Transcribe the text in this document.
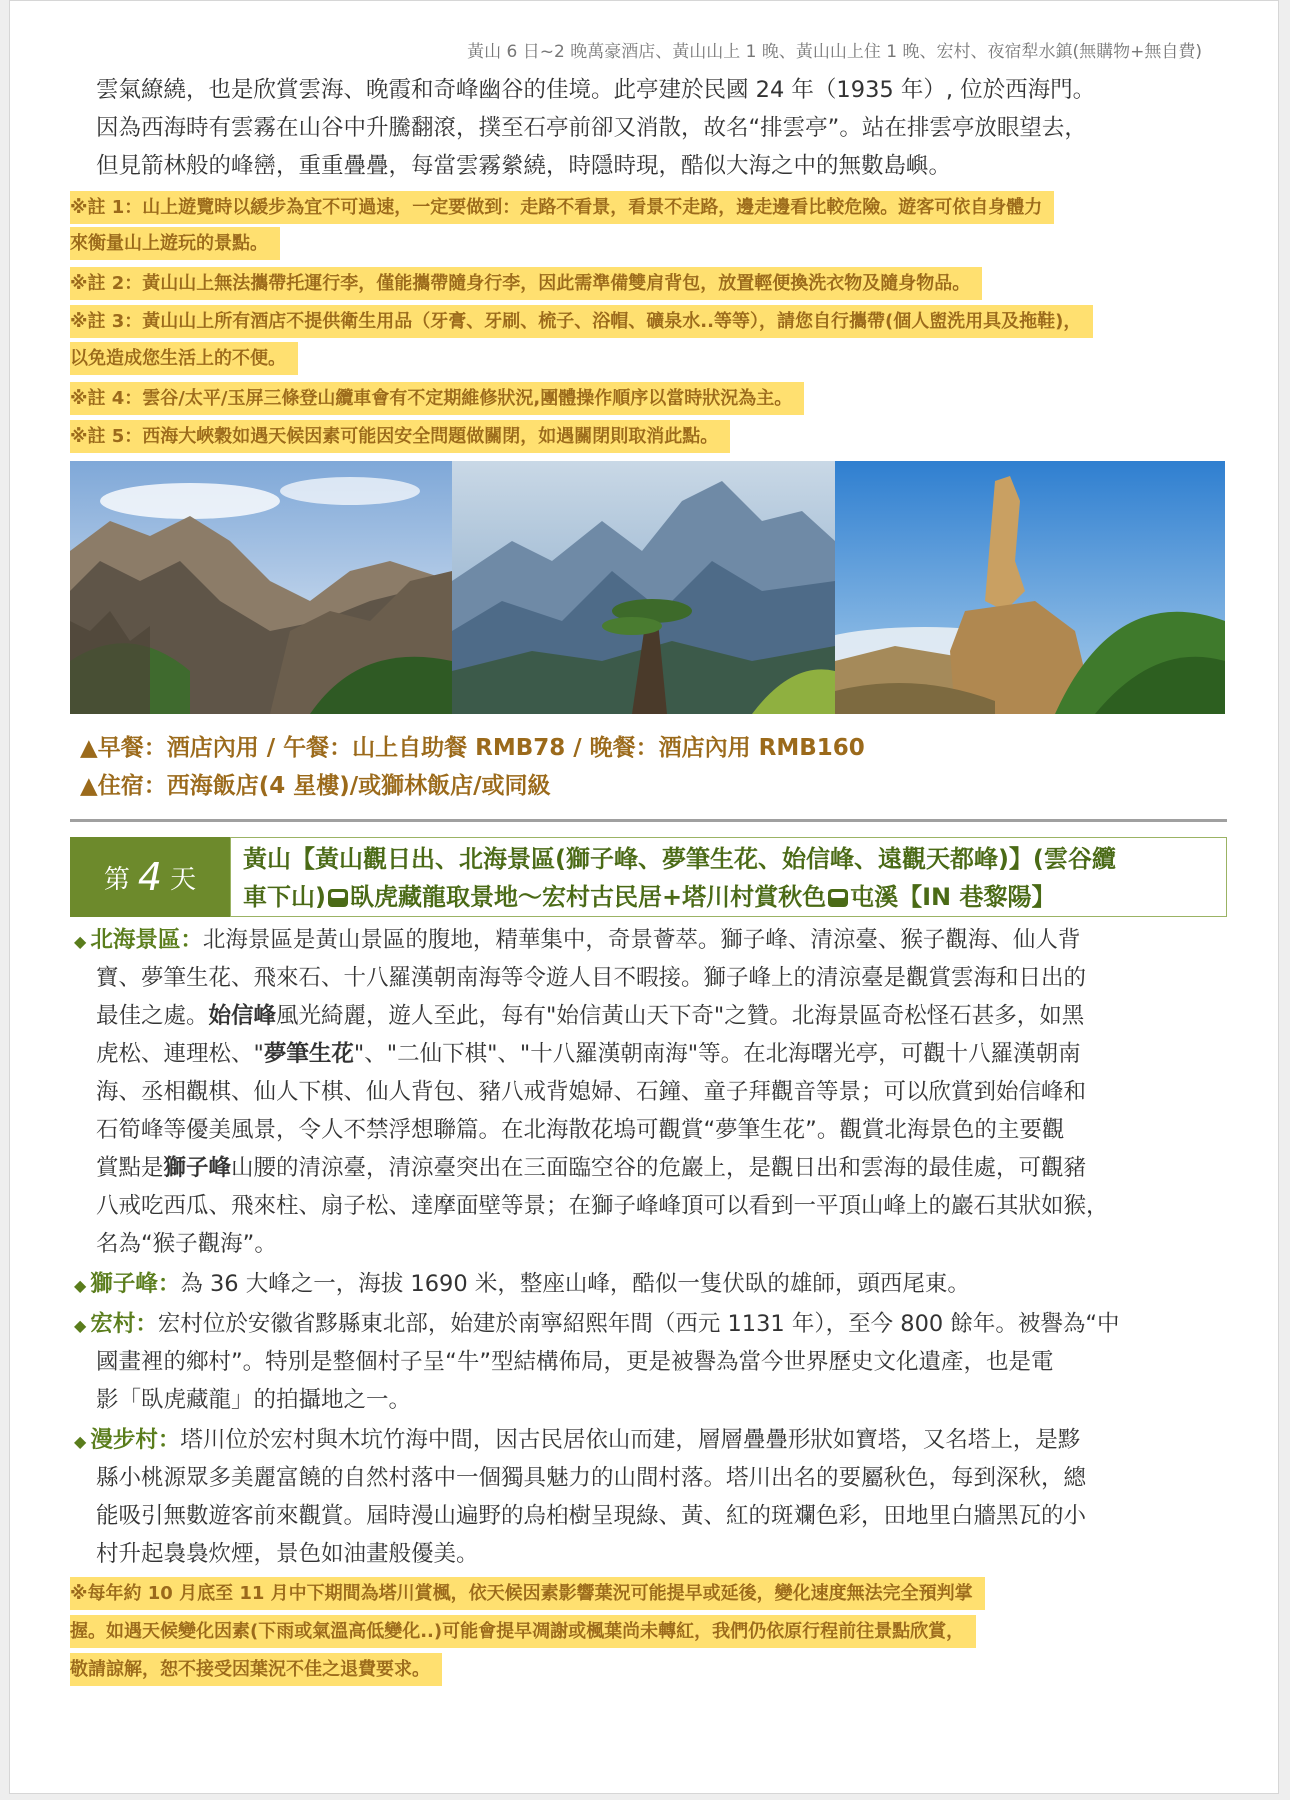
黃山 6 日~2 晚萬豪酒店、黃山山上 1 晚、黃山山上住 1 晚、宏村、夜宿犁水鎮(無購物+無自費)
雲氣繚繞，也是欣賞雲海、晚霞和奇峰幽谷的佳境。此亭建於民國 24 年（1935 年）, 位於西海門。
因為西海時有雲霧在山谷中升騰翻滾，撲至石亭前卻又消散，故名“排雲亭”。站在排雲亭放眼望去，
但見箭林般的峰巒，重重疊疊，每當雲霧縈繞，時隱時現，酷似大海之中的無數島嶼。
※註 1：山上遊覽時以緩步為宜不可過速，一定要做到：走路不看景，看景不走路，邊走邊看比較危險。遊客可依自身體力
來衡量山上遊玩的景點。
※註 2：黃山山上無法攜帶托運行李，僅能攜帶隨身行李，因此需準備雙肩背包，放置輕便換洗衣物及隨身物品。
※註 3：黃山山上所有酒店不提供衛生用品（牙膏、牙刷、梳子、浴帽、礦泉水..等等），請您自行攜帶(個人盥洗用具及拖鞋)，
以免造成您生活上的不便。
※註 4：雲谷/太平/玉屏三條登山纜車會有不定期維修狀況,團體操作順序以當時狀況為主。
※註 5：西海大峽穀如遇天候因素可能因安全問題做關閉，如遇關閉則取消此點。
▲早餐：酒店內用 / 午餐：山上自助餐 RMB78 / 晚餐：酒店內用 RMB160
▲住宿：西海飯店(4 星樓)/或獅林飯店/或同級
第 4 天
黃山【黃山觀日出、北海景區(獅子峰、夢筆生花、始信峰、遠觀天都峰)】(雲谷纜 車下山) 臥虎藏龍取景地～宏村古民居+塔川村賞秋色 屯溪【IN 巷黎陽】
◆ 北海景區：北海景區是黃山景區的腹地，精華集中，奇景薈萃。獅子峰、清涼臺、猴子觀海、仙人背
寶、夢筆生花、飛來石、十八羅漢朝南海等令遊人目不暇接。獅子峰上的清涼臺是觀賞雲海和日出的
最佳之處。始信峰風光綺麗，遊人至此，每有"始信黃山天下奇"之贊。北海景區奇松怪石甚多，如黑
虎松、連理松、"夢筆生花"、"二仙下棋"、"十八羅漢朝南海"等。在北海曙光亭，可觀十八羅漢朝南
海、丞相觀棋、仙人下棋、仙人背包、豬八戒背媳婦、石鐘、童子拜觀音等景；可以欣賞到始信峰和
石筍峰等優美風景，令人不禁浮想聯篇。在北海散花塢可觀賞“夢筆生花”。觀賞北海景色的主要觀
賞點是獅子峰山腰的清涼臺，清涼臺突出在三面臨空谷的危巖上，是觀日出和雲海的最佳處，可觀豬
八戒吃西瓜、飛來柱、扇子松、達摩面壁等景；在獅子峰峰頂可以看到一平頂山峰上的巖石其狀如猴，
名為“猴子觀海”。
◆ 獅子峰：為 36 大峰之一，海拔 1690 米，整座山峰，酷似一隻伏臥的雄師，頭西尾東。
◆ 宏村：宏村位於安徽省黟縣東北部，始建於南寧紹熙年間（西元 1131 年），至今 800 餘年。被譽為“中
國畫裡的鄉村”。特別是整個村子呈“牛”型結構佈局，更是被譽為當今世界歷史文化遺產，也是電
影「臥虎藏龍」的拍攝地之一。
◆ 漫步村：塔川位於宏村與木坑竹海中間，因古民居依山而建，層層疊疊形狀如寶塔，又名塔上，是黟
縣小桃源眾多美麗富饒的自然村落中一個獨具魅力的山間村落。塔川出名的要屬秋色，每到深秋，總
能吸引無數遊客前來觀賞。屆時漫山遍野的烏桕樹呈現綠、黃、紅的斑斕色彩，田地里白牆黑瓦的小
村升起裊裊炊煙，景色如油畫般優美。
※每年約 10 月底至 11 月中下期間為塔川賞楓，依天候因素影響葉況可能提早或延後，變化速度無法完全預判掌
握。如遇天候變化因素(下雨或氣溫高低變化..)可能會提早凋謝或楓葉尚未轉紅，我們仍依原行程前往景點欣賞，
敬請諒解，恕不接受因葉況不佳之退費要求。
